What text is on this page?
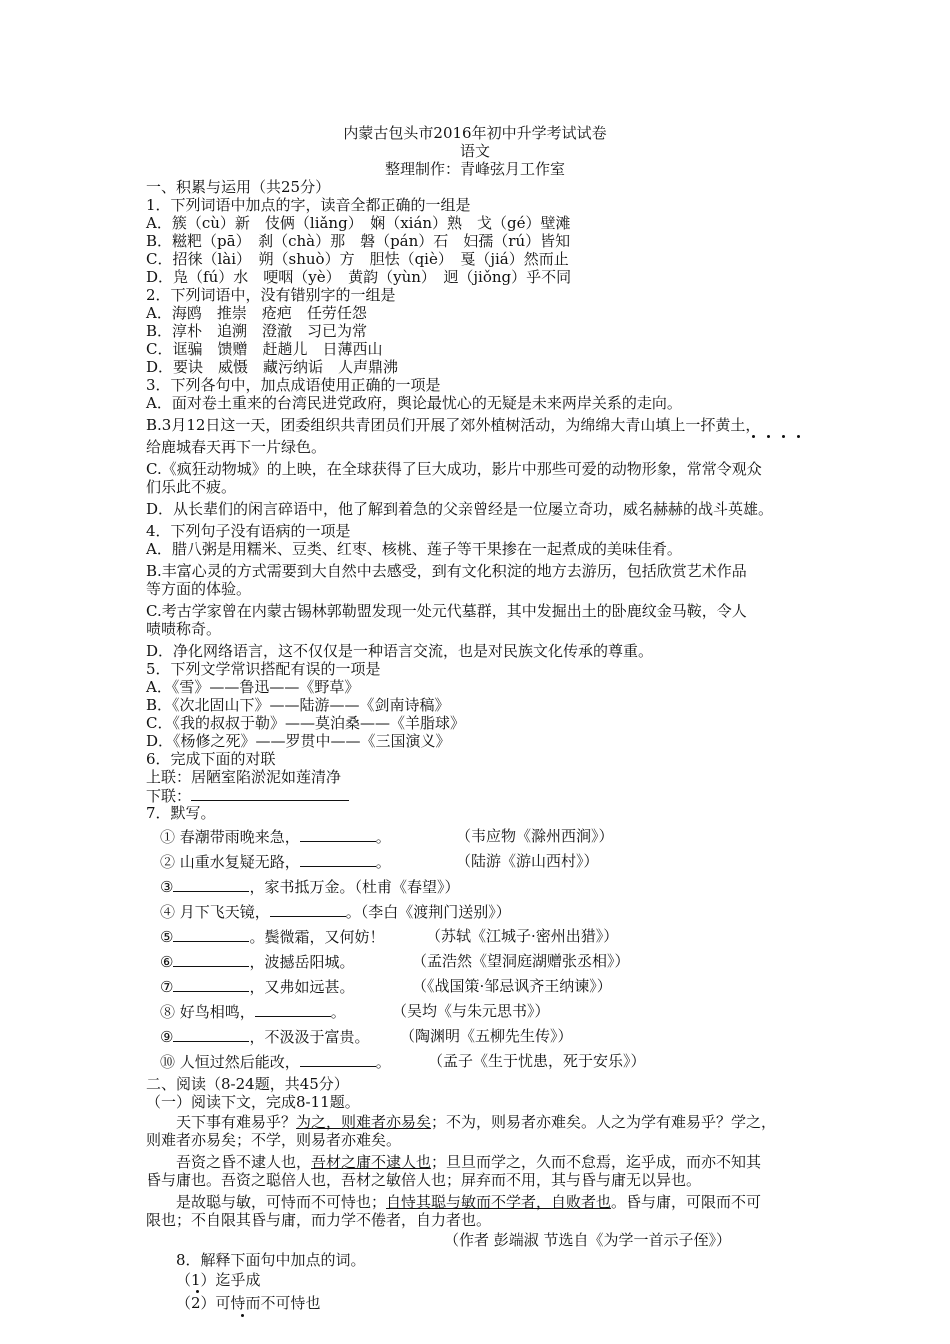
内蒙古包头市2016年初中升学考试试卷
语文
整理制作：青峰弦月工作室
一、积累与运用（共25分）
1．下列词语中加点的字，读音全都正确的一组是
A．簇（cù）新　伎俩（liǎng）　娴（xián）熟　戈（gé）壁滩
B．糍粑（pā）　刹（chà）那　磐（pán）石　妇孺（rú）皆知
C．招徕（lài）　朔（shuò）方　胆怯（qiè）　戛（jiá）然而止
D．凫（fú）水　哽咽（yè）　黄韵（yùn）　迥（jiǒng）乎不同
2．下列词语中，没有错别字的一组是
A．海鸥　推崇　疮疤　任劳任怨
B．淳朴　追溯　澄澈　习已为常
C．诓骗　馈赠　赶趟儿　日薄西山
D．要诀　威慑　藏污纳诟　人声鼎沸
3．下列各句中，加点成语使用正确的一项是
A．面对卷土重来的台湾民进党政府，舆论最忧心的无疑是未来两岸关系的走向。
B.3月12日这一天，团委组织共青团员们开展了郊外植树活动，为绵绵大青山填上一抔黄土，
给鹿城春天再下一片绿色。
C.《疯狂动物城》的上映，在全球获得了巨大成功，影片中那些可爱的动物形象，常常令观众
们乐此不疲。
D．从长辈们的闲言碎语中，他了解到着急的父亲曾经是一位屡立奇功，威名赫赫的战斗英雄。
4．下列句子没有语病的一项是
A．腊八粥是用糯米、豆类、红枣、核桃、莲子等干果掺在一起煮成的美味佳肴。
B.丰富心灵的方式需要到大自然中去感受，到有文化积淀的地方去游历，包括欣赏艺术作品
等方面的体验。
C.考古学家曾在内蒙古锡林郭勒盟发现一处元代墓群，其中发掘出土的卧鹿纹金马鞍，令人
啧啧称奇。
D．净化网络语言，这不仅仅是一种语言交流，也是对民族文化传承的尊重。
5．下列文学常识搭配有误的一项是
A．《雪》——鲁迅——《野草》
B．《次北固山下》——陆游——《剑南诗稿》
C．《我的叔叔于勒》——莫泊桑——《羊脂球》
D．《杨修之死》——罗贯中——《三国演义》
6．完成下面的对联
上联：居陋室陷淤泥如莲清净
下联：
7．默写。
① 春潮带雨晚来急，	。	（韦应物《滁州西涧》）
② 山重水复疑无路，	。	（陆游《游山西村》）
③	，家书抵万金。（杜甫《春望》）
④ 月下飞天镜，	。（李白《渡荆门送别》）
⑤	。鬓微霜，又何妨！	（苏轼《江城子·密州出猎》）
⑥	，波撼岳阳城。	（孟浩然《望洞庭湖赠张丞相》）
⑦	，又弗如远甚。	（《战国策·邹忌讽齐王纳谏》）
⑧ 好鸟相鸣，	。	（吴均《与朱元思书》）
⑨	，不汲汲于富贵。 （陶渊明《五柳先生传》）
⑩ 人恒过然后能改，	。 （孟子《生于忧患，死于安乐》）
二、阅读（8-24题，共45分）
（一）阅读下文，完成8-11题。
天下事有难易乎？为之，则难者亦易矣；不为，则易者亦难矣。人之为学有难易乎？学之，
则难者亦易矣；不学，则易者亦难矣。
吾资之昏不逮人也，吾材之庸不逮人也；旦旦而学之，久而不怠焉，迄乎成，而亦不知其
昏与庸也。吾资之聪倍人也，吾材之敏倍人也；屏弃而不用，其与昏与庸无以异也。
是故聪与敏，可恃而不可恃也；自恃其聪与敏而不学者，自败者也。昏与庸，可限而不可
限也；不自限其昏与庸，而力学不倦者，自力者也。
（作者 彭端淑 节选自《为学一首示子侄》）
8．解释下面句中加点的词。
（1）迄乎成
（2）可恃而不可恃也
